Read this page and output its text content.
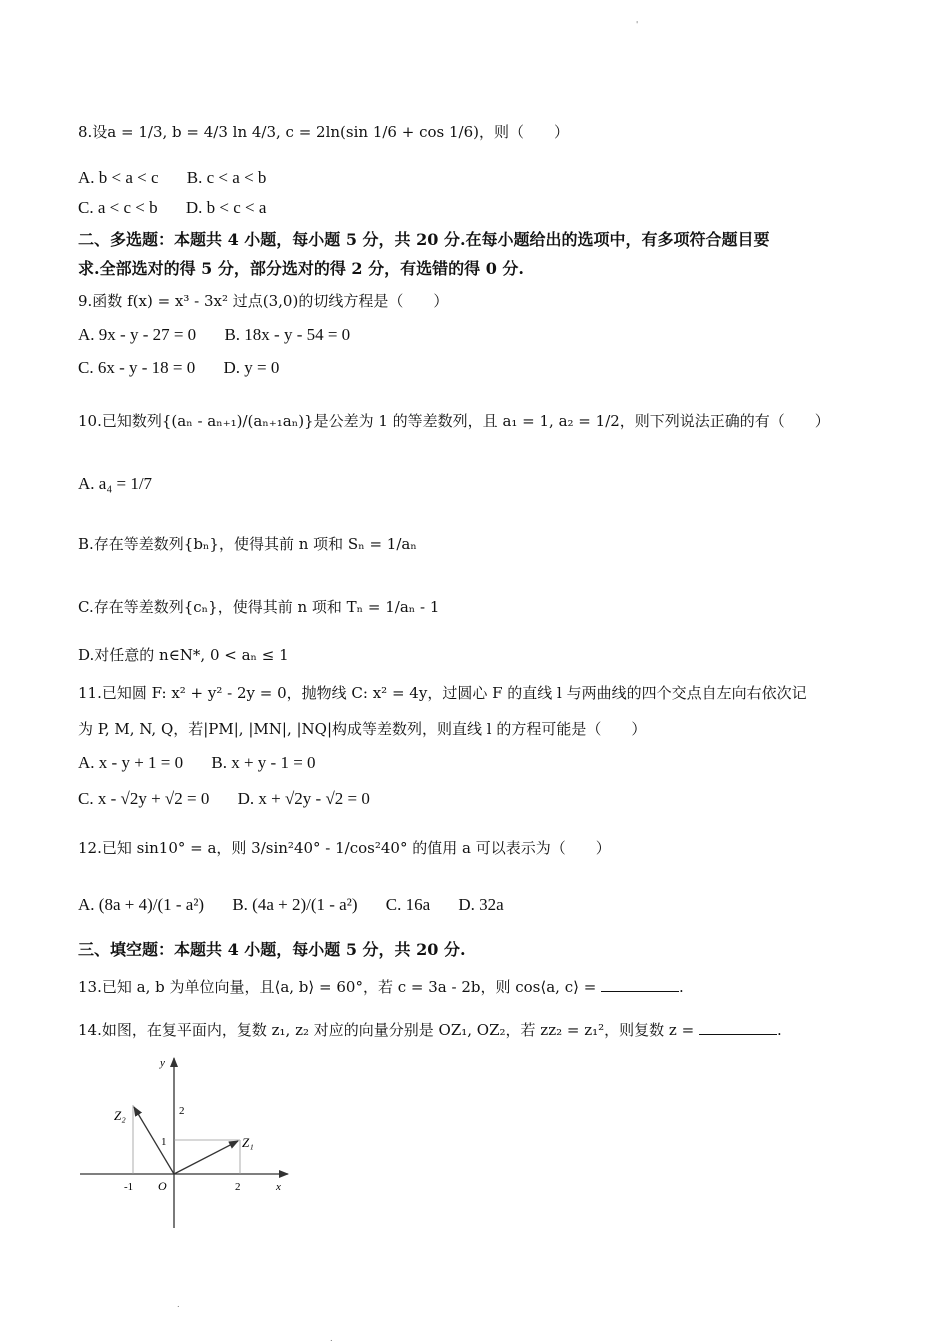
'
8.设a = 1/3, b = 4/3 ln 4/3, c = 2ln(sin 1/6 + cos 1/6)，则（　　）
A. b < a < c B. c < a < b
C. a < c < b D. b < c < a
二、多选题：本题共 4 小题，每小题 5 分，共 20 分.在每小题给出的选项中，有多项符合题目要
求.全部选对的得 5 分，部分选对的得 2 分，有选错的得 0 分.
9.函数 f(x) = x³ - 3x² 过点(3,0)的切线方程是（　　）
A. 9x - y - 27 = 0 B. 18x - y - 54 = 0
C. 6x - y - 18 = 0 D. y = 0
10.已知数列{(aₙ - aₙ₊₁)/(aₙ₊₁aₙ)}是公差为 1 的等差数列，且 a₁ = 1, a₂ = 1/2，则下列说法正确的有（　　）
A. a₄ = 1/7
B.存在等差数列{bₙ}，使得其前 n 项和 Sₙ = 1/aₙ
C.存在等差数列{cₙ}，使得其前 n 项和 Tₙ = 1/aₙ - 1
D.对任意的 n∈N*, 0 < aₙ ≤ 1
11.已知圆 F: x² + y² - 2y = 0，抛物线 C: x² = 4y，过圆心 F 的直线 l 与两曲线的四个交点自左向右依次记
为 P, M, N, Q，若|PM|, |MN|, |NQ|构成等差数列，则直线 l 的方程可能是（　　）
A. x - y + 1 = 0 B. x + y - 1 = 0
C. x - √2y + √2 = 0 D. x + √2y - √2 = 0
12.已知 sin10° = a，则 3/sin²40° - 1/cos²40° 的值用 a 可以表示为（　　）
A. (8a + 4)/(1 - a²) B. (4a + 2)/(1 - a²) C. 16a D. 32a
三、填空题：本题共 4 小题，每小题 5 分，共 20 分.
13.已知 a, b 为单位向量，且⟨a, b⟩ = 60°，若 c = 3a - 2b，则 cos⟨a, c⟩ =	.
14.如图，在复平面内，复数 z₁, z₂ 对应的向量分别是 OZ₁, OZ₂，若 zz₂ = z₁²，则复数 z =	.
y
x
O
-1	2
1
2
Z₁
Z₂
.
.
